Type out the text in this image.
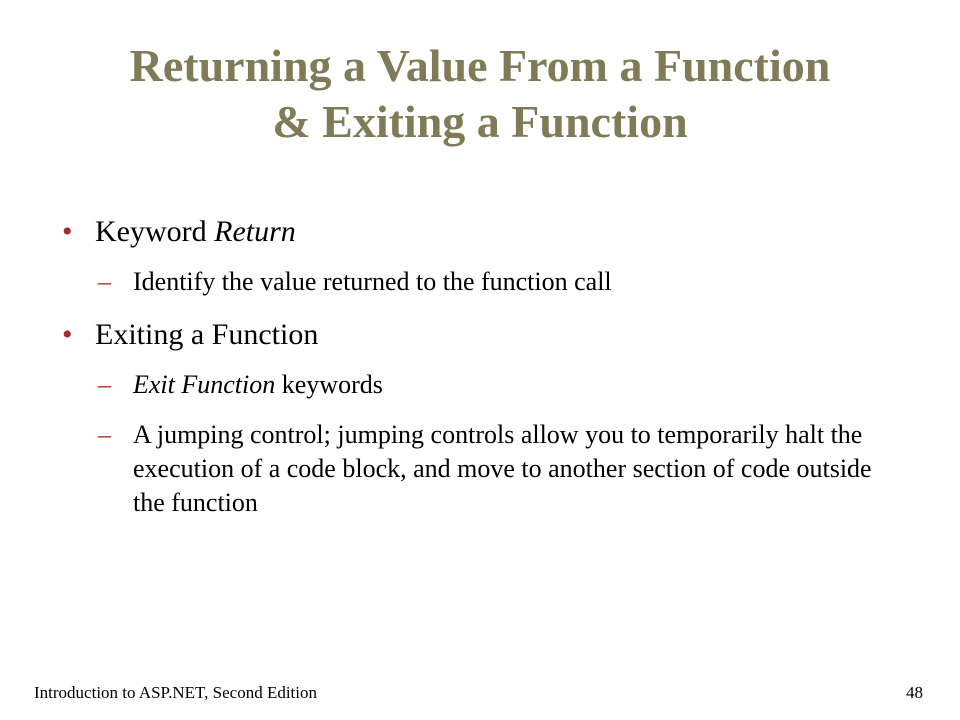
Returning a Value From a Function
& Exiting a Function
• Keyword Return
– Identify the value returned to the function call
• Exiting a Function
– Exit Function keywords
– A jumping control; jumping controls allow you to temporarily halt the execution of a code block, and move to another section of code outside the function
Introduction to ASP.NET, Second Edition	48
